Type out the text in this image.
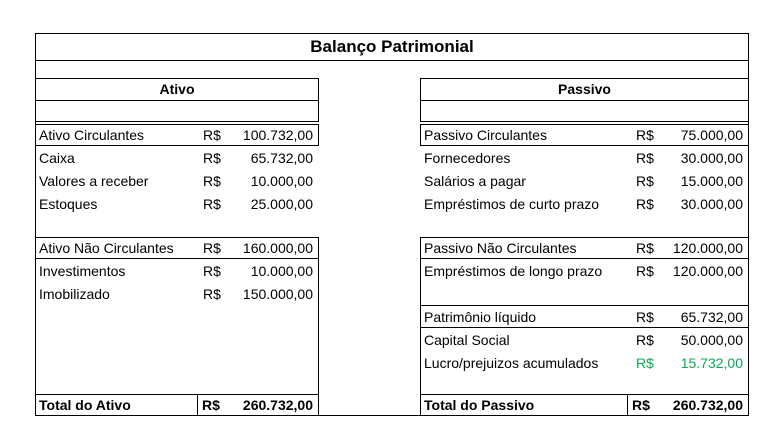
Balanço Patrimonial
Ativo
Ativo Circulantes	R$	100.732,00
Caixa	R$	65.732,00
Valores a receber	R$	10.000,00
Estoques	R$	25.000,00
Ativo Não Circulantes R$	160.000,00
Investimentos	R$	10.000,00
Imobilizado	R$	150.000,00
Total do Ativo	R$	260.732,00
Passivo
Passivo Circulantes	R$	75.000,00
Fornecedores	R$	30.000,00
Salários a pagar	R$	15.000,00
Empréstimos de curto prazo	R$	30.000,00
Passivo Não Circulantes	R$	120.000,00
Empréstimos de longo prazo R$	120.000,00
Patrimônio líquido	R$	65.732,00
Capital Social	R$	50.000,00
Lucro/prejuizos acumulados	R$	15.732,00
Total do Passivo	R$	260.732,00
